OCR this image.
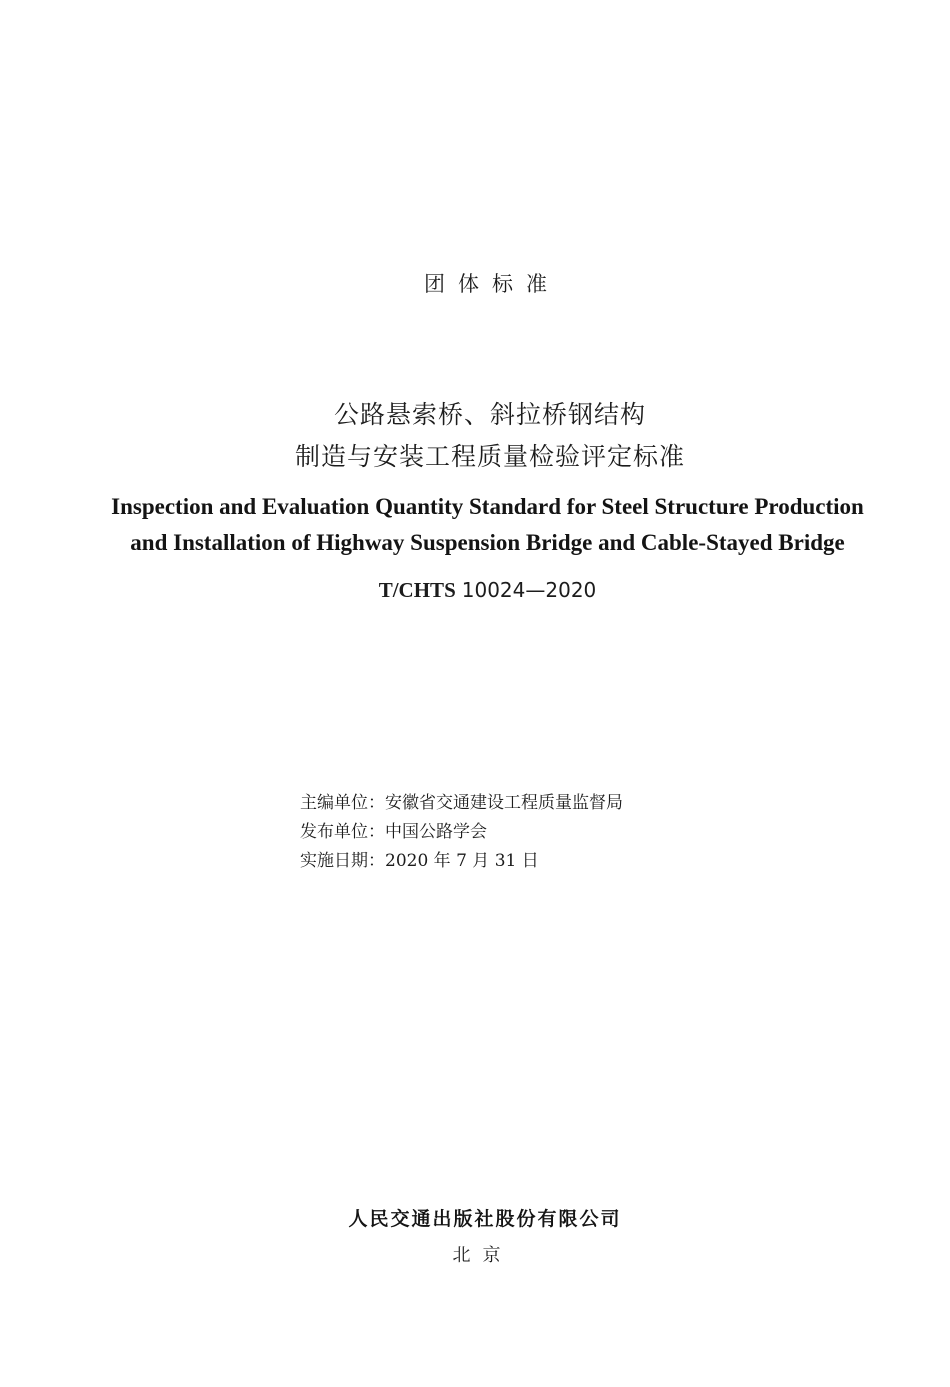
团体标准
公路悬索桥、斜拉桥钢结构
制造与安装工程质量检验评定标准
Inspection and Evaluation Quantity Standard for Steel Structure Production
and Installation of Highway Suspension Bridge and Cable-Stayed Bridge
T/CHTS 10024—2020
主编单位：安徽省交通建设工程质量监督局
发布单位：中国公路学会
实施日期：2020 年 7 月 31 日
人民交通出版社股份有限公司
北京
